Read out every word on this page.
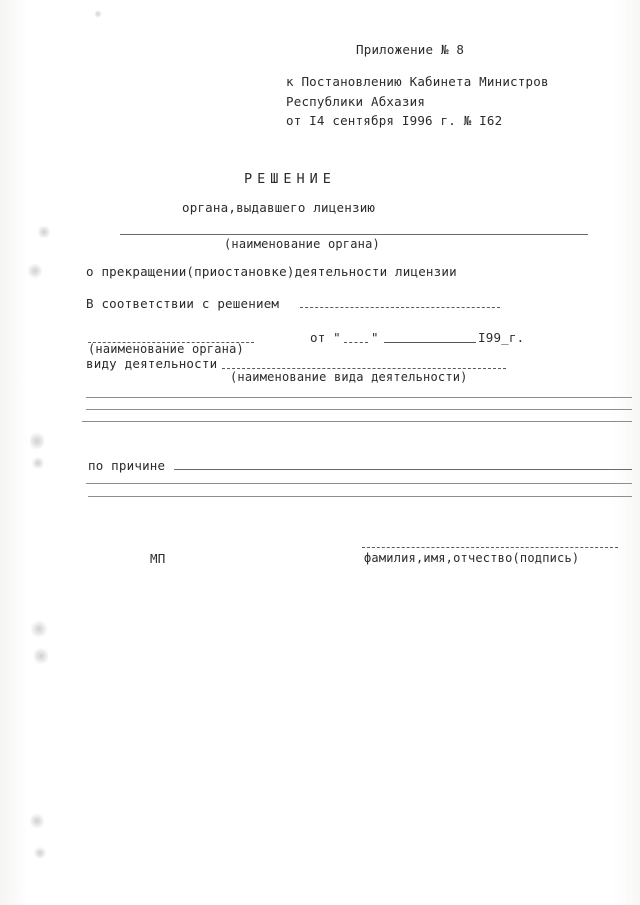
Приложение № 8
к Постановлению Кабинета Министров
Республики Абхазия
от I4 сентября I996 г. № I62
РЕШЕНИЕ
органа,выдавшего лицензию
(наименование органа)
о прекращении(приостановке)деятельности лицензии
В соответствии с решением
от " "	I99_г.
(наименование органа)
виду деятельности
(наименование вида деятельности)
по причине
МП	фамилия,имя,отчество(подпись)
